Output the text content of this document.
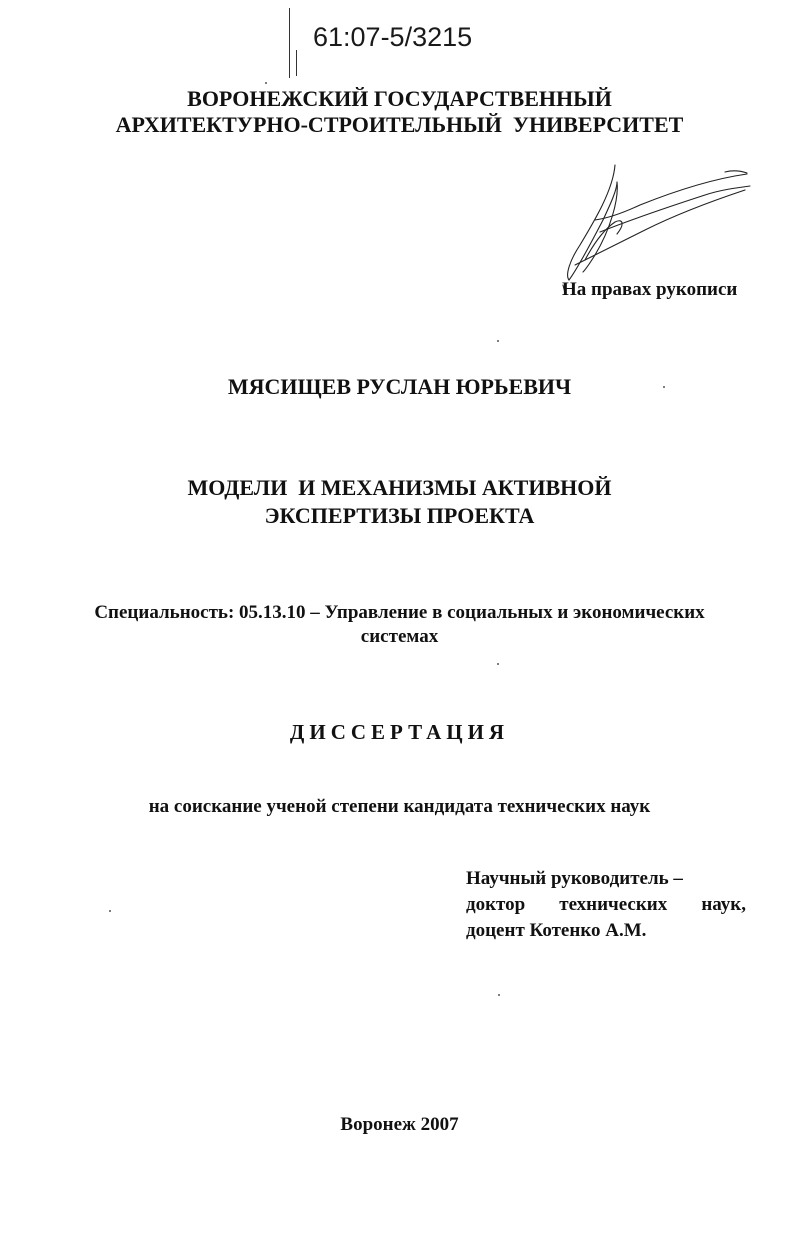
61:07-5/3215
ВОРОНЕЖСКИЙ ГОСУДАРСТВЕННЫЙ
АРХИТЕКТУРНО-СТРОИТЕЛЬНЫЙ  УНИВЕРСИТЕТ
На правах рукописи
МЯСИЩЕВ РУСЛАН ЮРЬЕВИЧ
МОДЕЛИ  И МЕХАНИЗМЫ АКТИВНОЙ
ЭКСПЕРТИЗЫ ПРОЕКТА
Специальность: 05.13.10 – Управление в социальных и экономических
системах
ДИССЕРТАЦИЯ
на соискание ученой степени кандидата технических наук
Научный руководитель –
доктор технических наук,
доцент Котенко А.М.
Воронеж 2007
